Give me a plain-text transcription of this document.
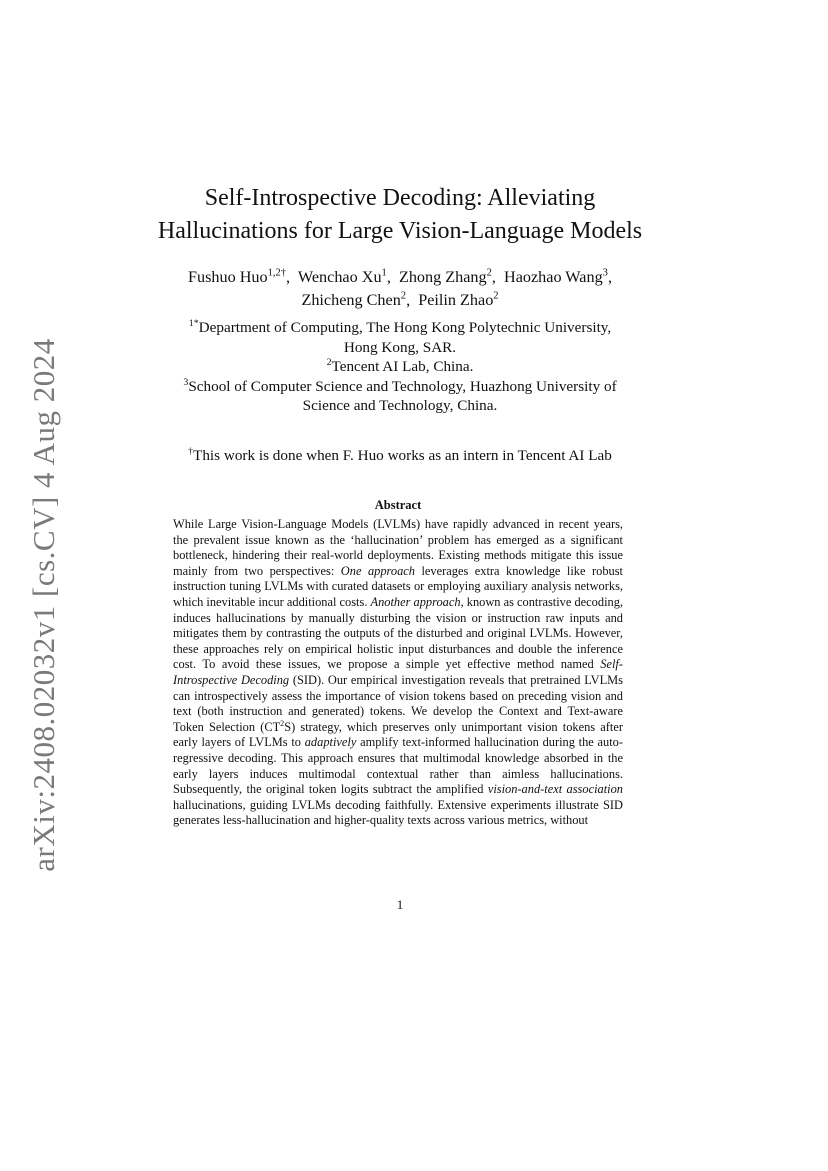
arXiv:2408.02032v1 [cs.CV] 4 Aug 2024
Self-Introspective Decoding: Alleviating
Hallucinations for Large Vision-Language Models
Fushuo Huo$^{1,2\dagger}$,  Wenchao Xu$^1$,  Zhong Zhang$^2$,  Haozhao Wang$^3$,
Zhicheng Chen$^2$,  Peilin Zhao$^2$
$^{1*}$Department of Computing, The Hong Kong Polytechnic University,
Hong Kong, SAR.
$^2$Tencent AI Lab, China.
$^3$School of Computer Science and Technology, Huazhong University of
Science and Technology, China.
†This work is done when F. Huo works as an intern in Tencent AI Lab
Abstract
While Large Vision-Language Models (LVLMs) have rapidly advanced in recent years, the prevalent issue known as the ‘hallucination’ problem has emerged as a significant bottleneck, hindering their real-world deployments. Existing methods mitigate this issue mainly from two perspectives: One approach leverages extra knowledge like robust instruction tuning LVLMs with curated datasets or employing auxiliary analysis networks, which inevitable incur additional costs. Another approach, known as contrastive decoding, induces hallucinations by manually disturbing the vision or instruction raw inputs and mitigates them by contrasting the outputs of the disturbed and original LVLMs. However, these approaches rely on empirical holistic input disturbances and double the inference cost. To avoid these issues, we propose a simple yet effective method named Self-Introspective Decoding (SID). Our empirical investigation reveals that pretrained LVLMs can introspectively assess the importance of vision tokens based on preceding vision and text (both instruction and generated) tokens. We develop the Context and Text-aware Token Selection $(CT^2S)$ strategy, which preserves only unimportant vision tokens after early layers of LVLMs to adaptively amplify text-informed hallucination during the auto-regressive decoding. This approach ensures that multimodal knowledge absorbed in the early layers induces multimodal contextual rather than aimless hallucinations. Subsequently, the original token logits subtract the amplified vision-and-text association hallucinations, guiding LVLMs decoding faithfully. Extensive experiments illustrate SID generates less-hallucination and higher-quality texts across various metrics, without
1
